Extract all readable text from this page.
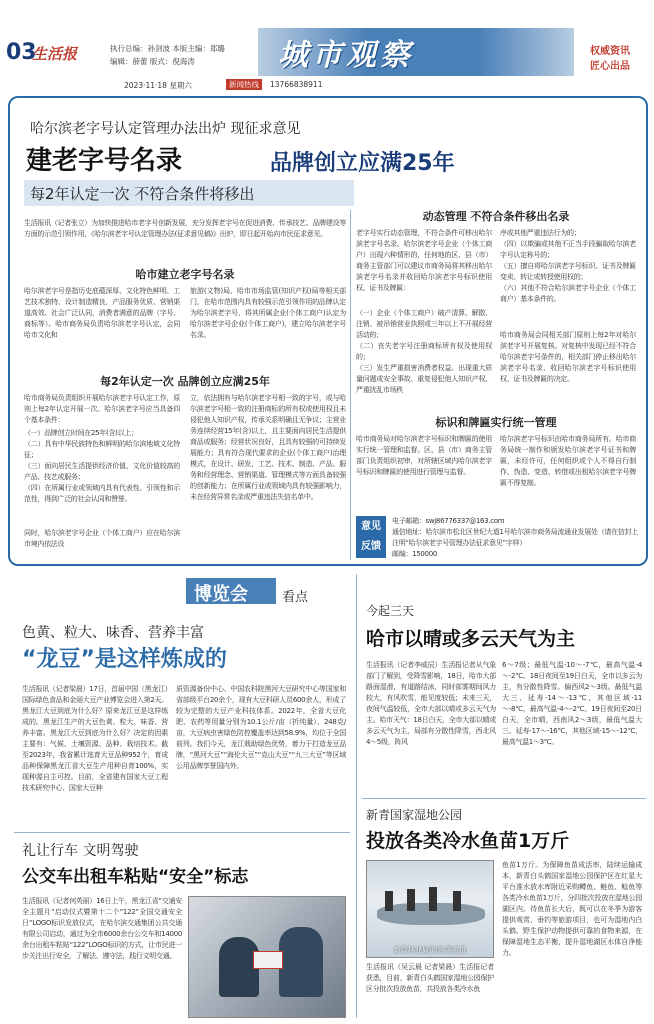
03
生活报	执行总编：孙剑波 本版主编：郑璐
编辑：薛蕾 版式：倪海涛	城市观察	权威资讯
匠心出品
2023·11·18 星期六	新闻热线	13766838911
哈尔滨老字号认定管理办法出炉 现征求意见
建老字号名录	品牌创立应满25年
每2年认定一次 不符合条件将移出
生活报讯（记者张立）为加快推进哈市老字号创新发展，充分发挥老字号在促进消费、传承技艺、品牌建设等方面的示范引领作用，《哈尔滨老字号认定管理办法(征求意见稿)》出炉，即日起开始向市民征求意见。
哈市建立老字号名录
哈尔滨老字号是指历史底蕴深厚、文化特色鲜明、工艺技术独特、设计制造精良，产品服务优质、营销渠道高效、社会广泛认同，消费者满意的品牌（字号、商标等）。哈市商务局负责哈尔滨老字号认定，会同哈市文化和
旅游(文物)局、哈市市场监管(知识产权)局等相关部门，在哈市范围内具有较强示范引领作用的品牌认定为哈尔滨老字号，将其所属企业(个体工商户)认定为哈尔滨老字号企业(个体工商户)，建立哈尔滨老字号名录。
每2年认定一次 品牌创立应满25年
哈市商务局负责组织开展哈尔滨老字号认定工作，原则上每2年认定开展一次。哈尔滨老字号应当具备四个基本条件：
（一）品牌创立时间在25年(含)以上；
（二）具有中华民族特色和鲜明的哈尔滨地域文化特征；
（三）面向居民生活提供经济价值、文化价值较高的产品、技艺或服务；
（四）在所属行业或领域内具有代表性、引领性和示范性，得到广泛的社会认同和赞誉。
同时，哈尔滨老字号企业（个体工商户）应在哈尔滨市境内依法设
立，依法拥有与哈尔滨老字号相一致的字号，或与哈尔滨老字号相一致的注册商标的所有权或使用权且未侵犯他人知识产权，传承关系明确且无争议；主营业务连续经营15年(含)以上，且主要面向居民生活提供商品或服务；经营状况良好，且具有较强的可持续发展能力；具有符合现代要求的企业(个体工商户)治理模式，在设计、研发、工艺、技术、制造、产品、服务和经营理念、营销渠道、管理模式等方面具备较强的创新能力；在所属行业或领域内具有较强影响力，未在经营异常名录或严重违法失信名单中。
动态管理 不符合条件移出名录
老字号实行动态管理，不符合条件可移出哈尔滨老字号名录。哈尔滨老字号企业（个体工商户）出现六种情形的，任何地的区、县（市）商务主管部门可以建议市商务局将其移出哈尔滨老字号名录并收回哈尔滨老字号标识使用权、证书及牌匾：
（一）企业（个体工商户）破产清算、解散、注销、被吊销营业执照或三年以上不开展经营活动的；
（二）丧失老字号注册商标所有权及使用权的；
（三）发生严重损害消费者权益、出现重大质量问题或安全事故、重复侵犯他人知识产权、严重扰乱市场秩
序或其他严重违法行为的；
（四）以欺骗或其他不正当手段骗取哈尔滨老字号认定称号的；
（五）擅自将哈尔滨老字号标识、证书及牌匾变卖、转让或转授使用权的；
（六）其他不符合哈尔滨老字号企业（个体工商户）基本条件的。
哈市商务局会同相关部门原则上每2年对哈尔滨老字号开展复核。对复核中发现已经不符合哈尔滨老字号条件的，相关部门停止移出哈尔滨老字号名录、收回哈尔滨老字号标识使用权、证书及牌匾的决定。
标识和牌匾实行统一管理
哈市商务局对哈尔滨老字号标识和牌匾的使用实行统一管理和监督。区、县（市）商务主管部门负责组织初审，对所辖区域内哈尔滨老字号标识和牌匾的使用进行管理与监督。
哈尔滨老字号标识由哈市商务局所有。哈市商务局统一制作和颁发哈尔滨老字号证书和牌匾，未经许可，任何组织或个人不得自行制作、伪造、变造、转借或出租哈尔滨老字号牌匾不得复制。
意见
反馈
电子邮箱：swj86776337@163.com
通信地址：哈尔滨市松北区世纪大道1号哈尔滨市商务局流通业发展处（请在信封上注明“哈尔滨老字号管理办法征求意见”字样）
邮编：150000
博览会	看点
色黄、粒大、味香、营养丰富
“龙豆”是这样炼成的
生活报讯（记者梁晨）17日，首届中国（黑龙江）国际绿色食品和金丽大豆产业博览会进入第2天。黑龙江大豆到底为什么好？原来龙江豆是这样炼成的。黑龙江生产的大豆色黄、粒大、味香、营养丰富。黑龙江大豆到底为什么好？决定的因素主要有：气候、土壤资源、品种、栽培技术。截至2023年，我省累计选育大豆品种952个，育成品种保障黑龙江省大豆生产用种自育100%，实现种源自主可控。目前，全省建有国家大豆工程技术研究中心、国家大豆种
质资源备份中心、中国农科院黑河大豆研究中心等国家和省部级平台20余个，现有大豆科研人员600余人，形成了较为完整的大豆产业科技体系。2022年，全省大豆化肥、农药等用量分别为10.1公斤/亩（折纯量）、248克/亩，大豆病虫害绿色防控覆盖率达到58.9%，均位于全国前列。我们今天，龙江栽助绿色优势，着力于打造龙豆品牌，“黑河大豆”“海伦大豆”“克山大豆”“九三大豆”等区域公用品牌享誉国内外。
礼让行车 文明驾驶
公交车出租车粘贴“安全”标志
生活报讯（记者何英丽）16日上午，黑龙江省“交通安全主题月”启动仪式暨第十二个“122”全国交通安全日“LOGO标识发放仪式，在哈尔滨交通集团公共交通有限公司启动，通过为全市6000余台公交车和14000余台出租车粘贴“122”LOGO标识的方式，让市民进一步关注出行安全，了解法、遵守法，践行文明交通。
今起三天
哈市以晴或多云天气为主
生活报讯（记者李威辰）生活报记者从气象部门了解到，受降雪影响，18日，哈市大部路面湿滑，有道路结冰，同时部雾期间风力较大，有风吹雪，能见度较低；未来三天，夜间气温较低，全市大部以晴或多云天气为主。哈市天气：18日白天，全市大部以晴或多云天气为主，局部有分散性降雪，西北风4～5级，阵风
6～7级；最低气温-10～-7℃，最高气温-4～-2℃。18日夜间至19日白天，全市以多云为主，有分散性降雪。偏西风2～3级。最低气温大三、延寿-14～-13℃，其他区域-11～-8℃，最高气温-4～-2℃。19日夜间至20日白天，全市晴，西南风2～3级，最低气温大三、延寿-17～-16℃，其他区域-15～-12℃，最高气温1～3℃。
新青国家湿地公园
投放各类冷水鱼苗1万斤
新青林业局供图 陈宏摄
鱼苗1万斤。为保障鱼苗成活率，陆续运输成本，新青白头鹤国家湿地公园保护区在红星大平台准水放水库附近采购鳟鱼、鲢鱼、鲶鱼等各类冷水鱼苗1万斤，分四批次投放在湿地公园湖区内。待鱼苗长大后，既可以在冬季为游客提供观赏、垂钓等旅游项目，也可为湿地内白头鹤、野生保护动物提供可靠的食物来源，在保障湿地生态平衡，提升湿地湖区水体自净能力。
生活报讯（吴云晨 记者梁晨）生活报记者获悉，目前，新青白头鹤国家湿地公园保护区分批次投放鱼苗，共投放各类冷水鱼
